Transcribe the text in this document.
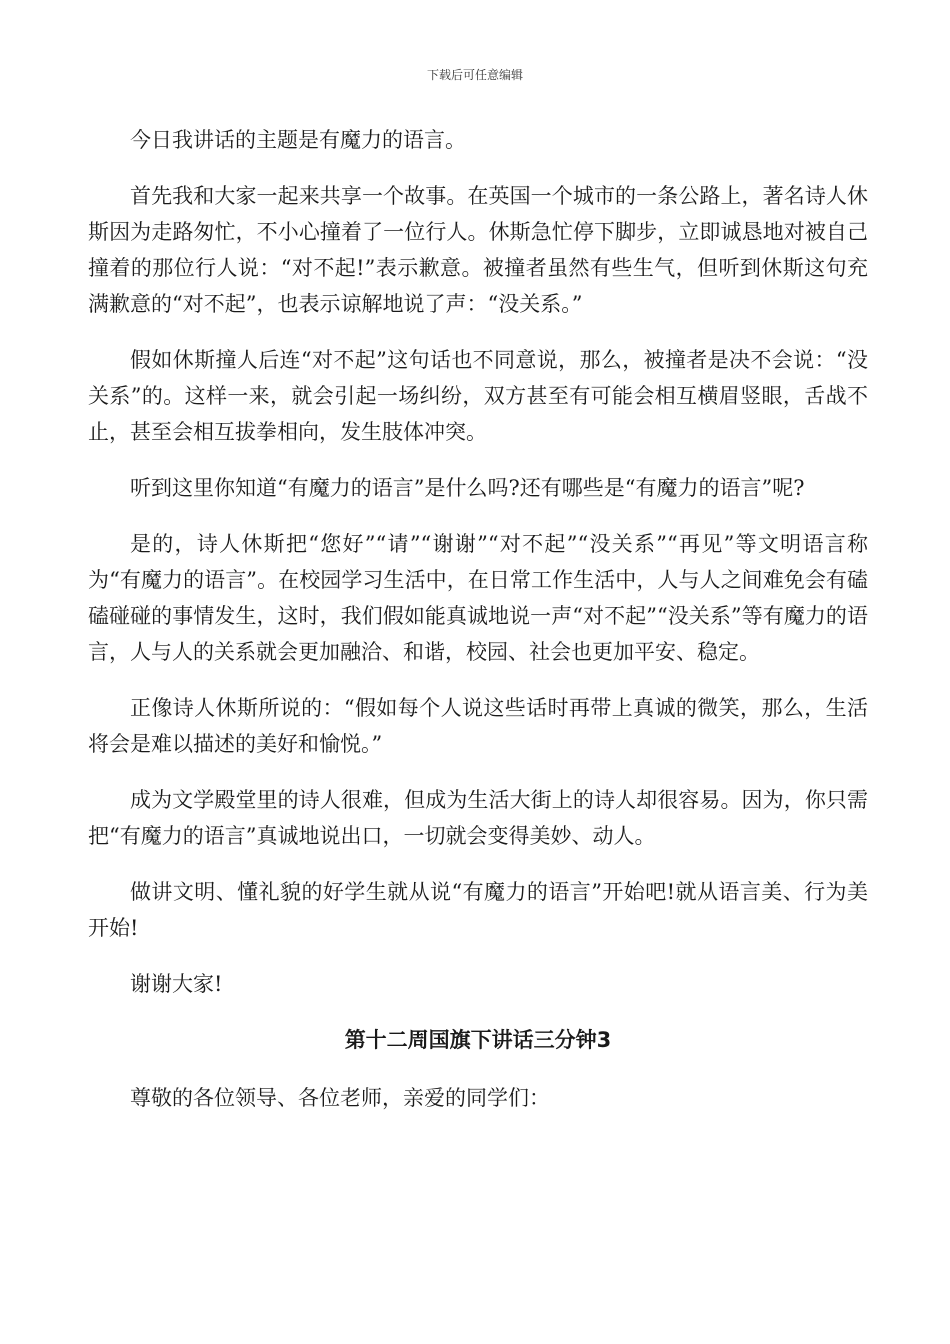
下载后可任意编辑

今日我讲话的主题是有魔力的语言。

首先我和大家一起来共享一个故事。在英国一个城市的一条公路上，著名诗人休斯因为走路匆忙，不小心撞着了一位行人。休斯急忙停下脚步，立即诚恳地对被自己撞着的那位行人说：“对不起!”表示歉意。被撞者虽然有些生气，但听到休斯这句充满歉意的“对不起”，也表示谅解地说了声：“没关系。”

假如休斯撞人后连“对不起”这句话也不同意说，那么，被撞者是决不会说：“没关系”的。这样一来，就会引起一场纠纷，双方甚至有可能会相互横眉竖眼，舌战不止，甚至会相互拔拳相向，发生肢体冲突。

听到这里你知道“有魔力的语言”是什么吗?还有哪些是“有魔力的语言”呢?

是的，诗人休斯把“您好”“请”“谢谢”“对不起”“没关系”“再见”等文明语言称为“有魔力的语言”。在校园学习生活中，在日常工作生活中，人与人之间难免会有磕磕碰碰的事情发生，这时，我们假如能真诚地说一声“对不起”“没关系”等有魔力的语言，人与人的关系就会更加融洽、和谐，校园、社会也更加平安、稳定。

正像诗人休斯所说的：“假如每个人说这些话时再带上真诚的微笑，那么，生活将会是难以描述的美好和愉悦。”

成为文学殿堂里的诗人很难，但成为生活大街上的诗人却很容易。因为，你只需把“有魔力的语言”真诚地说出口，一切就会变得美妙、动人。

做讲文明、懂礼貌的好学生就从说“有魔力的语言”开始吧!就从语言美、行为美开始!

谢谢大家!

第十二周国旗下讲话三分钟3

尊敬的各位领导、各位老师，亲爱的同学们：
